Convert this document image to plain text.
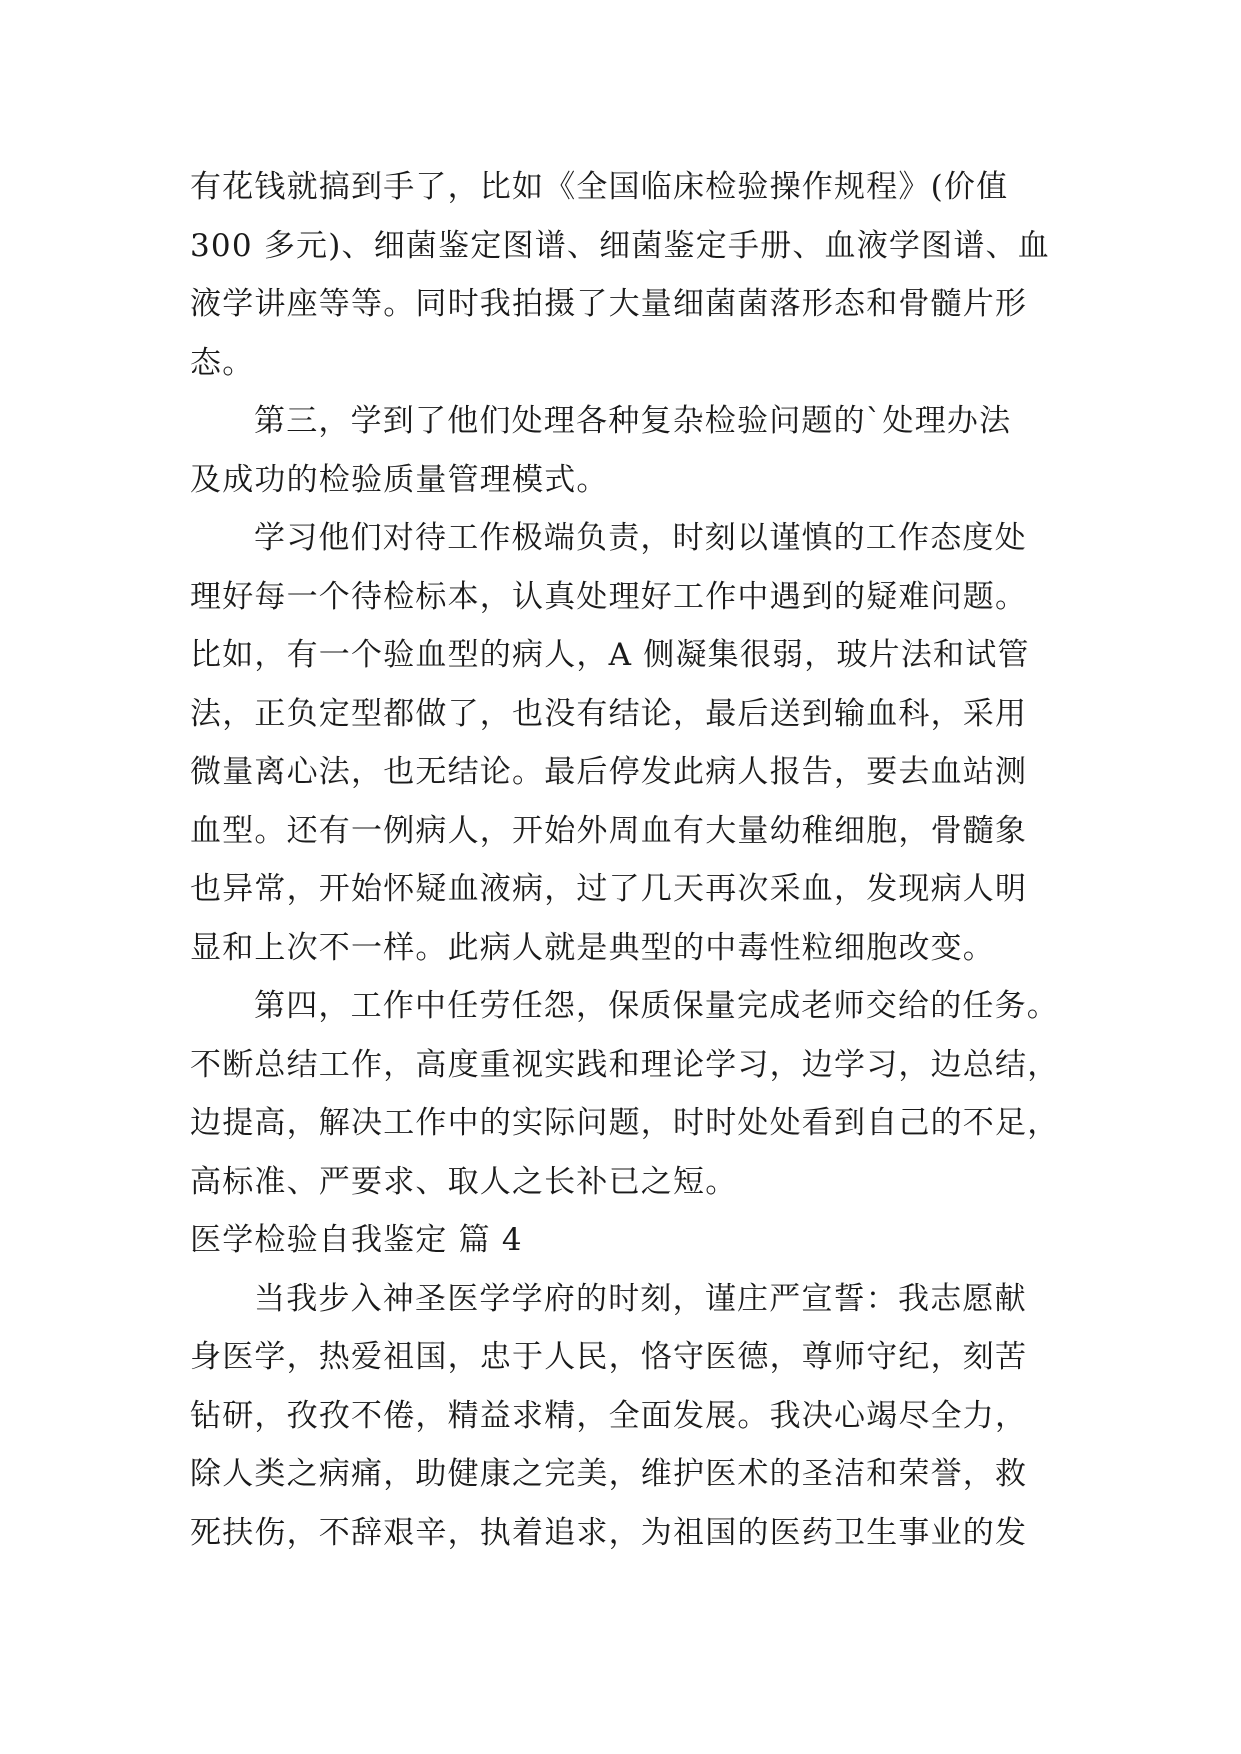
有花钱就搞到手了，比如《全国临床检验操作规程》(价值
300 多元)、细菌鉴定图谱、细菌鉴定手册、血液学图谱、血
液学讲座等等。同时我拍摄了大量细菌菌落形态和骨髓片形
态。
第三，学到了他们处理各种复杂检验问题的`处理办法
及成功的检验质量管理模式。
学习他们对待工作极端负责，时刻以谨慎的工作态度处
理好每一个待检标本，认真处理好工作中遇到的疑难问题。
比如，有一个验血型的病人，A 侧凝集很弱，玻片法和试管
法，正负定型都做了，也没有结论，最后送到输血科，采用
微量离心法，也无结论。最后停发此病人报告，要去血站测
血型。还有一例病人，开始外周血有大量幼稚细胞，骨髓象
也异常，开始怀疑血液病，过了几天再次采血，发现病人明
显和上次不一样。此病人就是典型的中毒性粒细胞改变。
第四，工作中任劳任怨，保质保量完成老师交给的任务。
不断总结工作，高度重视实践和理论学习，边学习，边总结，
边提高，解决工作中的实际问题，时时处处看到自己的不足，
高标准、严要求、取人之长补已之短。
医学检验自我鉴定 篇 4
当我步入神圣医学学府的时刻，谨庄严宣誓：我志愿献
身医学，热爱祖国，忠于人民，恪守医德，尊师守纪，刻苦
钻研，孜孜不倦，精益求精，全面发展。我决心竭尽全力，
除人类之病痛，助健康之完美，维护医术的圣洁和荣誉，救
死扶伤，不辞艰辛，执着追求，为祖国的医药卫生事业的发
